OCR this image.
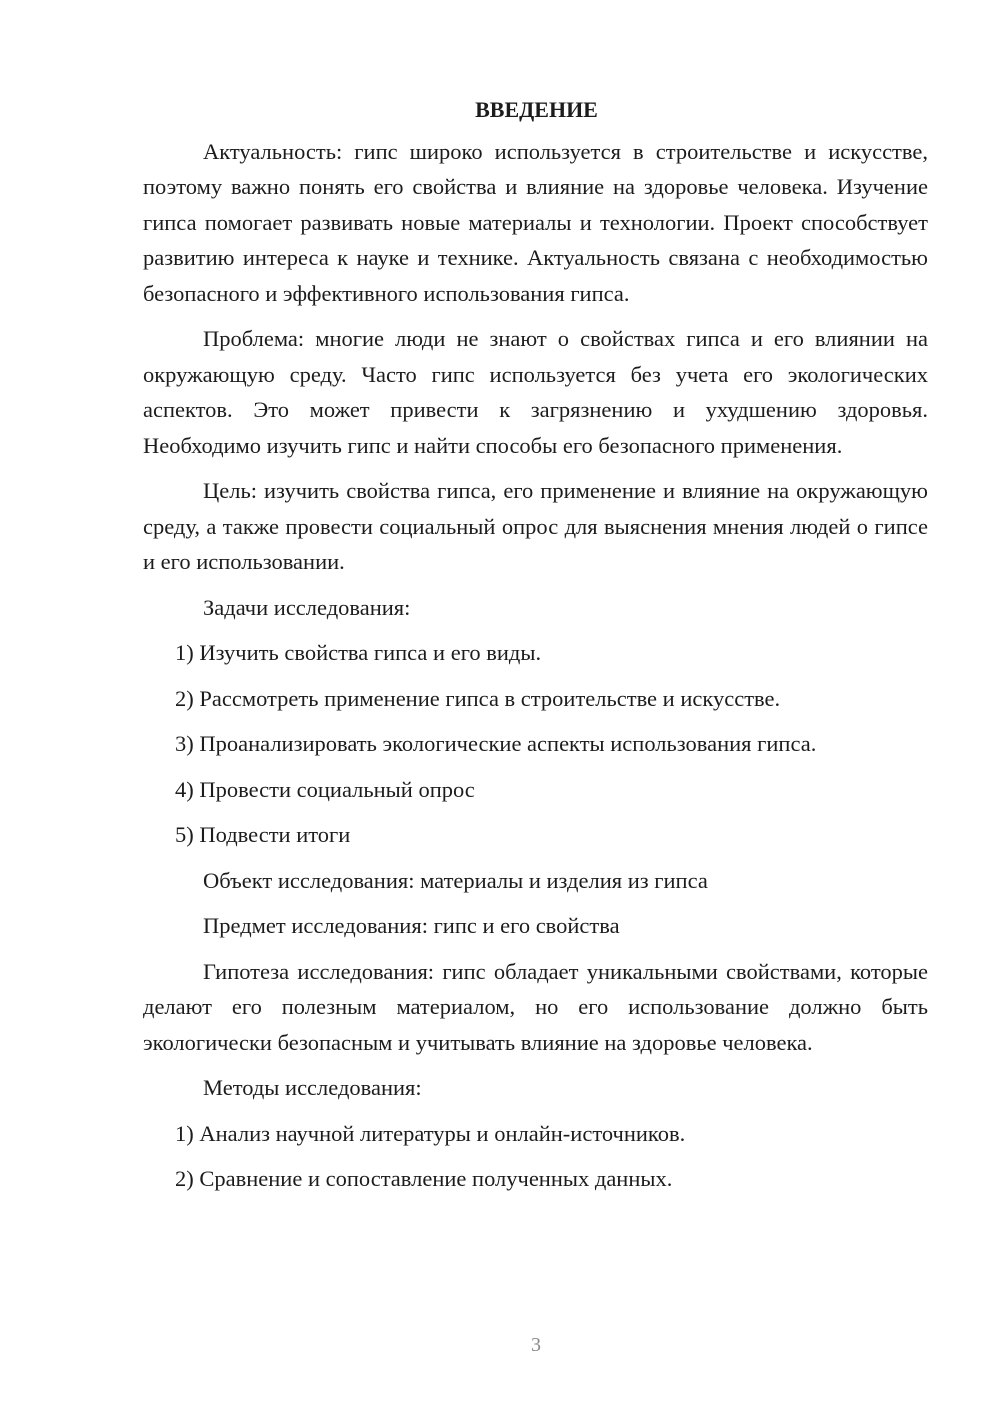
ВВЕДЕНИЕ

Актуальность: гипс широко используется в строительстве и искусстве, поэтому важно понять его свойства и влияние на здоровье человека. Изучение гипса помогает развивать новые материалы и технологии. Проект способствует развитию интереса к науке и технике. Актуальность связана с необходимостью безопасного и эффективного использования гипса.

Проблема: многие люди не знают о свойствах гипса и его влиянии на окружающую среду. Часто гипс используется без учета его экологических аспектов. Это может привести к загрязнению и ухудшению здоровья. Необходимо изучить гипс и найти способы его безопасного применения.

Цель: изучить свойства гипса, его применение и влияние на окружающую среду, а также провести социальный опрос для выяснения мнения людей о гипсе и его использовании.

Задачи исследования:
1) Изучить свойства гипса и его виды.
2) Рассмотреть применение гипса в строительстве и искусстве.
3) Проанализировать экологические аспекты использования гипса.
4) Провести социальный опрос
5) Подвести итоги
Объект исследования: материалы и изделия из гипса
Предмет исследования: гипс и его свойства

Гипотеза исследования: гипс обладает уникальными свойствами, которые делают его полезным материалом, но его использование должно быть экологически безопасным и учитывать влияние на здоровье человека.

Методы исследования:
1) Анализ научной литературы и онлайн-источников.
2) Сравнение и сопоставление полученных данных.
3
